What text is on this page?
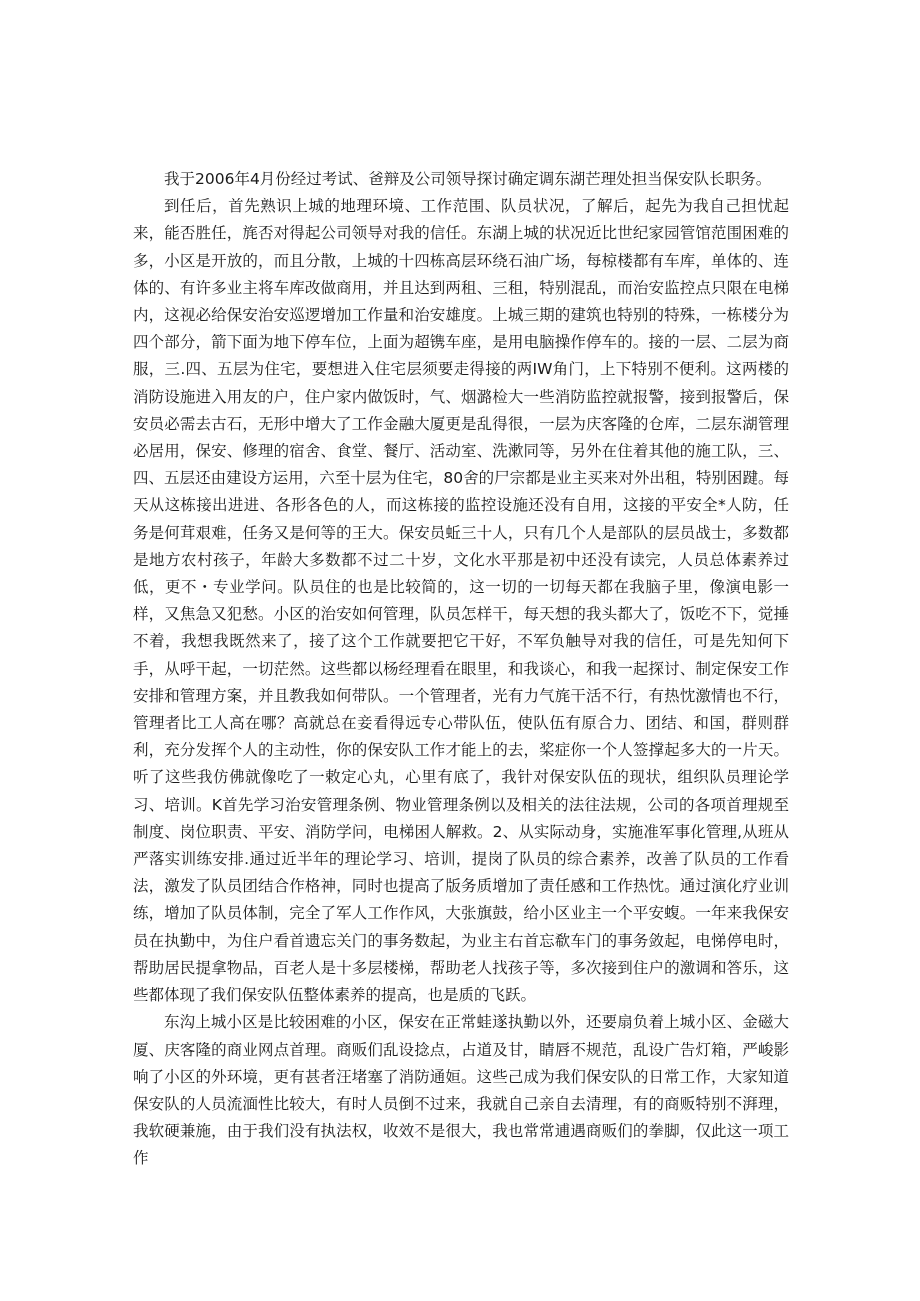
我于2006年4月份经过考试、爸辩及公司领导探讨确定调东湖芒理处担当保安队长职务。

到任后，首先熟识上城的地理环境、工作范围、队员状况，了解后，起先为我自己担忧起来，能否胜任，旄否对得起公司领导对我的信任。东湖上城的状况近比世纪家园管馆范围困难的多，小区是开放的，而且分散，上城的十四栋高层环绕石油广场，每椋楼都有车库，单体的、连体的、有许多业主将车库改做商用，并且达到两租、三租，特别混乱，而治安监控点只限在电梯内，这视必给保安治安巡逻增加工作量和治安雄度。上城三期的建筑也特别的特殊，一栋楼分为四个部分，箭下面为地下停车位，上面为超镌车座，是用电脑操作停车的。接的一层、二层为商服，三.四、五层为住宅，要想进入住宅层须要走得接的两IW角门，上下特别不便利。这两楼的消防设施进入用友的户，住户家内做饭时，气、烟潞检大一些消防监控就报警，接到报警后，保安员必需去古石，无形中增大了工作金融大厦更是乱得很，一层为庆客隆的仓库，二层东湖管理必居用，保安、修理的宿舍、食堂、餐厅、活动室、洗漱同等，另外在住着其他的施工队，三、四、五层还由建设方运用，六至十层为住宅，80舍的尸宗都是业主买来对外出租，特别困踺。每天从这栋接出进进、各形各色的人，而这栋接的监控设施还没有自用，这接的平安全*人防，任务是何茸艰难，任务又是何等的王大。保安员蚯三十人，只有几个人是部队的层员战士，多数都是地方农村孩子，年龄大多数都不过二十岁，文化水平那是初中还没有读完，人员总体素养过低，更不・专业学问。队员住的也是比较简的，这一切的一切每天都在我脑子里，像演电影一样，又焦急又犯愁。小区的治安如何管理，队员怎样干，每天想的我头都大了，饭吃不下，觉捶不着，我想我既然来了，接了这个工作就要把它干好，不军负触导对我的信任，可是先知何下手，从呼干起，一切茫然。这些都以杨经理看在眼里，和我谈心，和我一起探讨、制定保安工作安排和管理方案，并且教我如何带队。一个管理者，光有力气旄干活不行，有热忱激情也不行，管理者比工人高在哪？高就总在妾看得远专心带队伍，使队伍有原合力、团结、和国，群则群利，充分发挥个人的主动性，你的保安队工作才能上的去，桨症你一个人签撑起多大的一片天。听了这些我仿佛就像吃了一敕定心丸，心里有底了，我针对保安队伍的现状，组织队员理论学习、培训。K首先学习治安管理条例、物业管理条例以及相关的法往法规，公司的各项首理规至制度、岗位职责、平安、消防学问，电梯困人解救。2、从实际动身，实施准军事化管理,从班从严落实训练安排.通过近半年的理论学习、培训，提岗了队员的综合素养，改善了队员的工作看法，激发了队员团结合作格神，同时也提高了版务质增加了责任感和工作热忱。通过演化疗业训练，增加了队员体制，完全了军人工作作风，大张旗鼓，给小区业主一个平安蝮。一年来我保安员在执勤中，为住户看首遗忘关门的事务数起，为业主右首忘欷车门的事务敛起，电悌停电时，帮助居民提拿物品，百老人是十多层楼梯，帮助老人找孩子等，多次接到住户的激调和答乐，这些都体现了我们保安队伍整体素养的提高，也是质的飞跃。

东沟上城小区是比较困难的小区，保安在正常蛙遂执勤以外，还要扇负着上城小区、金磁大厦、庆客隆的商业网点首理。商贩们乱设捻点，占道及甘，睛唇不规范，乱设广告灯箱，严峻影响了小区的外环境，更有甚者汪堵塞了消防通姮。这些己成为我们保安队的日常工作，大家知道保安队的人员流湎性比较大，有时人员倒不过来，我就自己亲自去清理，有的商贩特别不湃理，我软硬兼施，由于我们没有执法权，收效不是很大，我也常常逋遇商贩们的拳脚，仅此这一项工作
